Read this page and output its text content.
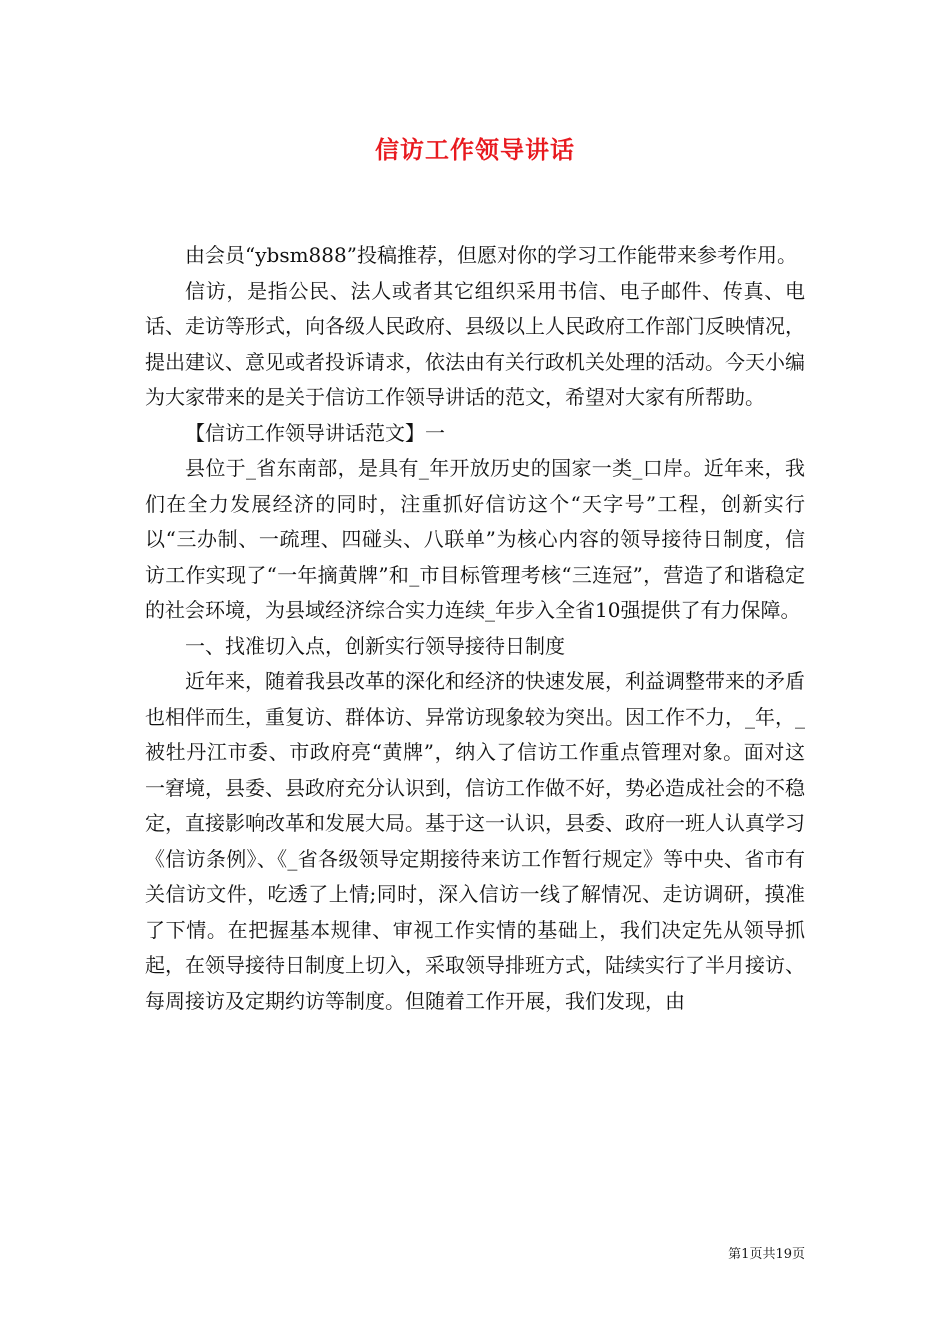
信访工作领导讲话

由会员“ybsm888”投稿推荐，但愿对你的学习工作能带来参考作用。

信访，是指公民、法人或者其它组织采用书信、电子邮件、传真、电话、走访等形式，向各级人民政府、县级以上人民政府工作部门反映情况，提出建议、意见或者投诉请求，依法由有关行政机关处理的活动。今天小编为大家带来的是关于信访工作领导讲话的范文，希望对大家有所帮助。

【信访工作领导讲话范文】一

县位于_省东南部，是具有_年开放历史的国家一类_口岸。近年来，我们在全力发展经济的同时，注重抓好信访这个“天字号”工程，创新实行以“三办制、一疏理、四碰头、八联单”为核心内容的领导接待日制度，信访工作实现了“一年摘黄牌”和_市目标管理考核“三连冠”，营造了和谐稳定的社会环境，为县域经济综合实力连续_年步入全省10强提供了有力保障。

一、找准切入点，创新实行领导接待日制度

近年来，随着我县改革的深化和经济的快速发展，利益调整带来的矛盾也相伴而生，重复访、群体访、异常访现象较为突出。因工作不力，_年，_被牡丹江市委、市政府亮“黄牌”，纳入了信访工作重点管理对象。面对这一窘境，县委、县政府充分认识到，信访工作做不好，势必造成社会的不稳定，直接影响改革和发展大局。基于这一认识，县委、政府一班人认真学习《信访条例》、《_省各级领导定期接待来访工作暂行规定》等中央、省市有关信访文件，吃透了上情;同时，深入信访一线了解情况、走访调研，摸准了下情。在把握基本规律、审视工作实情的基础上，我们决定先从领导抓起，在领导接待日制度上切入，采取领导排班方式，陆续实行了半月接访、每周接访及定期约访等制度。但随着工作开展，我们发现，由

第1页共19页
